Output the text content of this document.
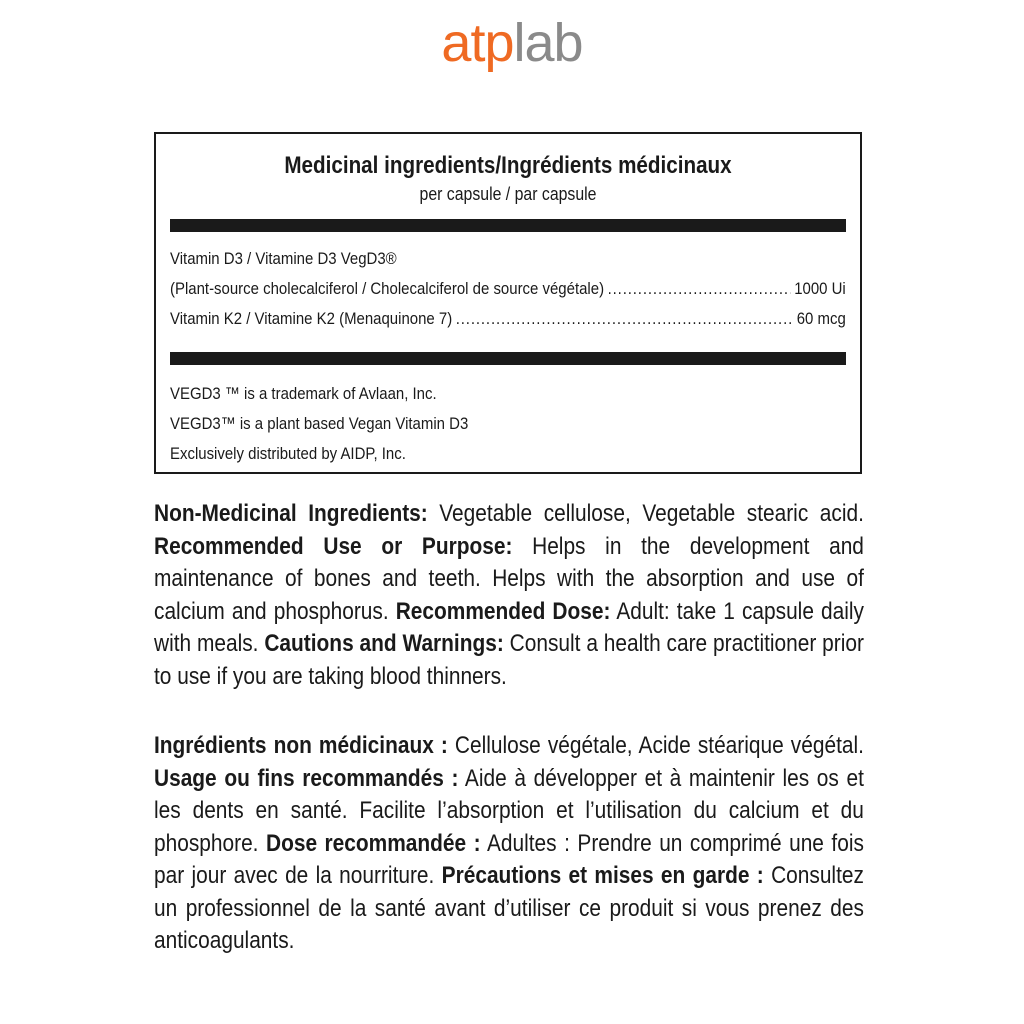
atplab
Medicinal ingredients/Ingrédients médicinaux
per capsule / par capsule
Vitamin D3 / Vitamine D3 VegD3®
(Plant-source cholecalciferol / Cholecalciferol de source végétale) .....	1000 Ui
Vitamin K2 / Vitamine K2 (Menaquinone 7) .....	60 mcg
VEGD3 ™ is a trademark of Avlaan, Inc.
VEGD3™ is a plant based Vegan Vitamin D3
Exclusively distributed by AIDP, Inc.
Non-Medicinal Ingredients: Vegetable cellulose, Vegetable stearic acid. Recommended Use or Purpose: Helps in the development and maintenance of bones and teeth. Helps with the absorption and use of calcium and phosphorus. Recommended Dose: Adult: take 1 capsule daily with meals. Cautions and Warnings: Consult a health care practitioner prior to use if you are taking blood thinners.
Ingrédients non médicinaux : Cellulose végétale, Acide stéarique végétal. Usage ou fins recommandés : Aide à développer et à maintenir les os et les dents en santé. Facilite l’absorption et l’utilisation du calcium et du phosphore. Dose recommandée : Adultes : Prendre un comprimé une fois par jour avec de la nourriture. Précautions et mises en garde : Consultez un professionnel de la santé avant d’utiliser ce produit si vous prenez des anticoagulants.
